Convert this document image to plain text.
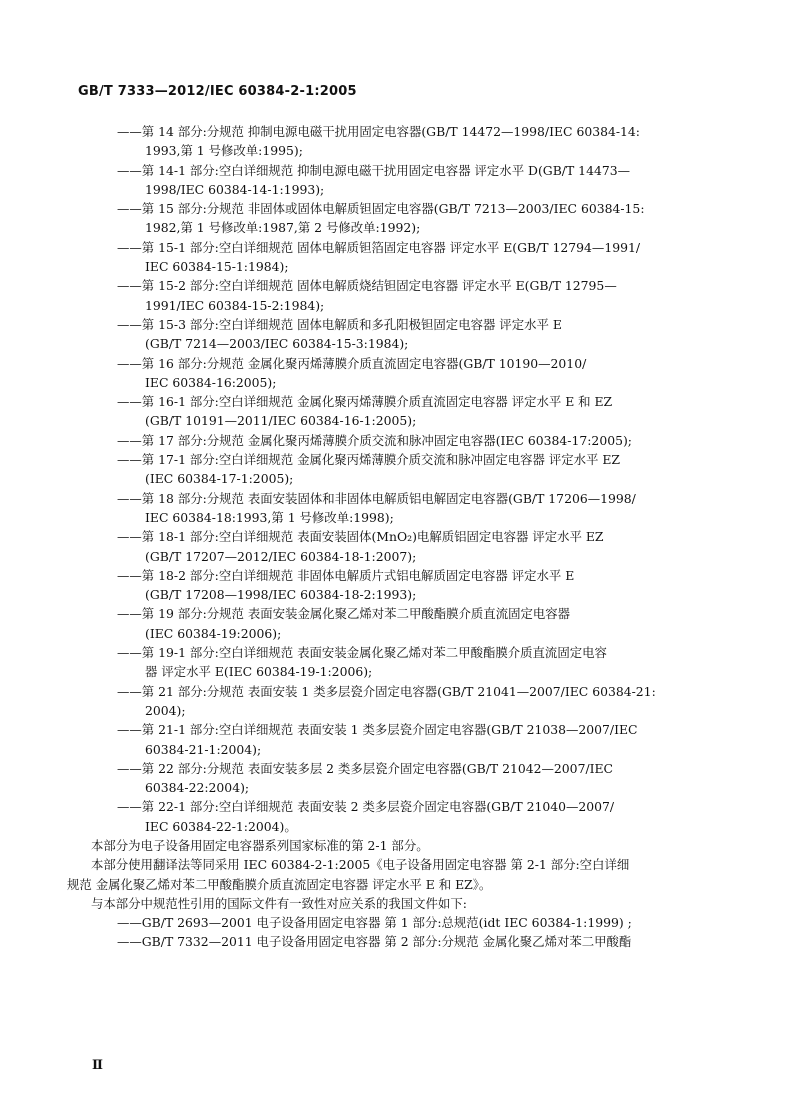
GB/T 7333—2012/IEC 60384-2-1:2005
——第 14 部分:分规范 抑制电源电磁干扰用固定电容器(GB/T 14472—1998/IEC 60384-14:
1993,第 1 号修改单:1995);
——第 14-1 部分:空白详细规范 抑制电源电磁干扰用固定电容器 评定水平 D(GB/T 14473—
1998/IEC 60384-14-1:1993);
——第 15 部分:分规范 非固体或固体电解质钽固定电容器(GB/T 7213—2003/IEC 60384-15:
1982,第 1 号修改单:1987,第 2 号修改单:1992);
——第 15-1 部分:空白详细规范 固体电解质钽箔固定电容器 评定水平 E(GB/T 12794—1991/
IEC 60384-15-1:1984);
——第 15-2 部分:空白详细规范 固体电解质烧结钽固定电容器 评定水平 E(GB/T 12795—
1991/IEC 60384-15-2:1984);
——第 15-3 部分:空白详细规范 固体电解质和多孔阳极钽固定电容器 评定水平 E
(GB/T 7214—2003/IEC 60384-15-3:1984);
——第 16 部分:分规范 金属化聚丙烯薄膜介质直流固定电容器(GB/T 10190—2010/
IEC 60384-16:2005);
——第 16-1 部分:空白详细规范 金属化聚丙烯薄膜介质直流固定电容器 评定水平 E 和 EZ
(GB/T 10191—2011/IEC 60384-16-1:2005);
——第 17 部分:分规范 金属化聚丙烯薄膜介质交流和脉冲固定电容器(IEC 60384-17:2005);
——第 17-1 部分:空白详细规范 金属化聚丙烯薄膜介质交流和脉冲固定电容器 评定水平 EZ
(IEC 60384-17-1:2005);
——第 18 部分:分规范 表面安装固体和非固体电解质铝电解固定电容器(GB/T 17206—1998/
IEC 60384-18:1993,第 1 号修改单:1998);
——第 18-1 部分:空白详细规范 表面安装固体(MnO₂)电解质铝固定电容器 评定水平 EZ
(GB/T 17207—2012/IEC 60384-18-1:2007);
——第 18-2 部分:空白详细规范 非固体电解质片式铝电解质固定电容器 评定水平 E
(GB/T 17208—1998/IEC 60384-18-2:1993);
——第 19 部分:分规范 表面安装金属化聚乙烯对苯二甲酸酯膜介质直流固定电容器
(IEC 60384-19:2006);
——第 19-1 部分:空白详细规范 表面安装金属化聚乙烯对苯二甲酸酯膜介质直流固定电容
器 评定水平 E(IEC 60384-19-1:2006);
——第 21 部分:分规范 表面安装 1 类多层瓷介固定电容器(GB/T 21041—2007/IEC 60384-21:
2004);
——第 21-1 部分:空白详细规范 表面安装 1 类多层瓷介固定电容器(GB/T 21038—2007/IEC
60384-21-1:2004);
——第 22 部分:分规范 表面安装多层 2 类多层瓷介固定电容器(GB/T 21042—2007/IEC
60384-22:2004);
——第 22-1 部分:空白详细规范 表面安装 2 类多层瓷介固定电容器(GB/T 21040—2007/
IEC 60384-22-1:2004)。

本部分为电子设备用固定电容器系列国家标准的第 2-1 部分。

本部分使用翻译法等同采用 IEC 60384-2-1:2005《电子设备用固定电容器 第 2-1 部分:空白详细

规范 金属化聚乙烯对苯二甲酸酯膜介质直流固定电容器 评定水平 E 和 EZ》。

与本部分中规范性引用的国际文件有一致性对应关系的我国文件如下:

——GB/T 2693—2001 电子设备用固定电容器 第 1 部分:总规范(idt IEC 60384-1:1999) ;

——GB/T 7332—2011 电子设备用固定电容器 第 2 部分:分规范 金属化聚乙烯对苯二甲酸酯

Ⅱ
